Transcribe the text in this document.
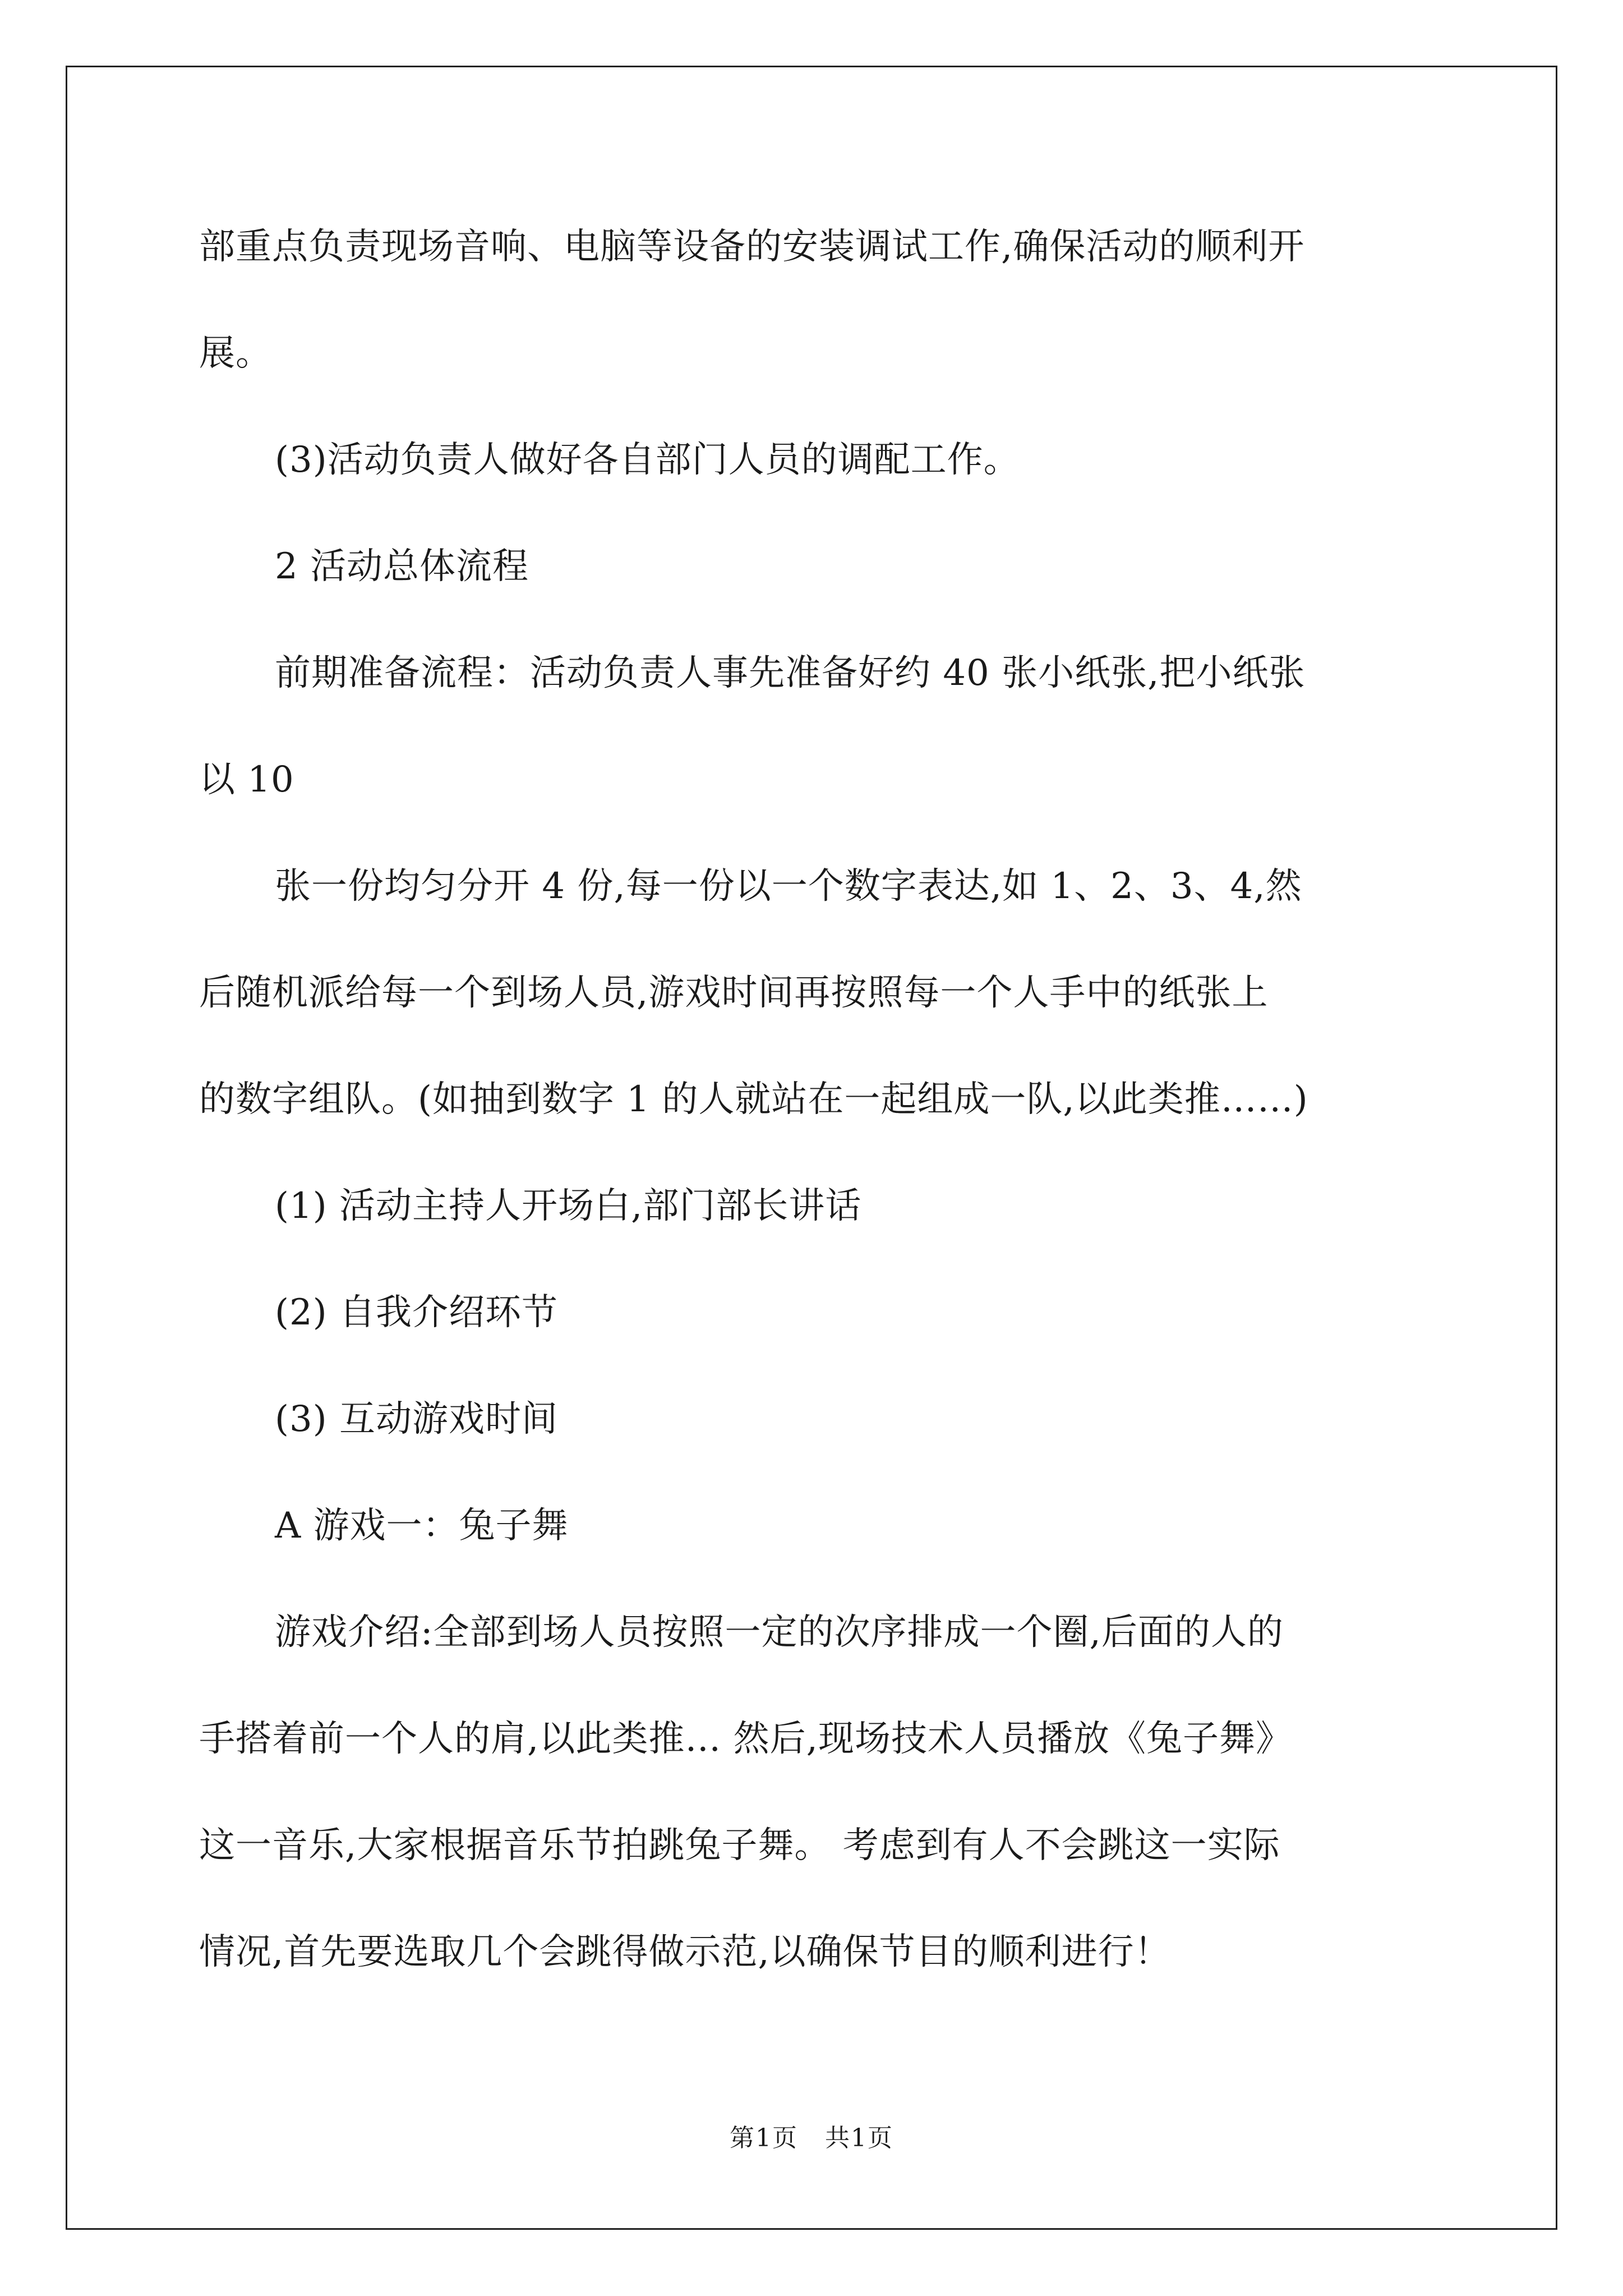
部重点负责现场音响、电脑等设备的安装调试工作,确保活动的顺利开
展。
(3)活动负责人做好各自部门人员的调配工作。
2 活动总体流程
前期准备流程：活动负责人事先准备好约 40 张小纸张,把小纸张
以 10
张一份均匀分开 4 份,每一份以一个数字表达,如 1、2、3、4,然
后随机派给每一个到场人员,游戏时间再按照每一个人手中的纸张上
的数字组队。(如抽到数字 1 的人就站在一起组成一队,以此类推……)
(1) 活动主持人开场白,部门部长讲话
(2) 自我介绍环节
(3) 互动游戏时间
A 游戏一：兔子舞
游戏介绍:全部到场人员按照一定的次序排成一个圈,后面的人的
手搭着前一个人的肩,以此类推… 然后,现场技术人员播放《兔子舞》
这一音乐,大家根据音乐节拍跳兔子舞。 考虑到有人不会跳这一实际
情况,首先要选取几个会跳得做示范,以确保节目的顺利进行！
第1页 共1页
